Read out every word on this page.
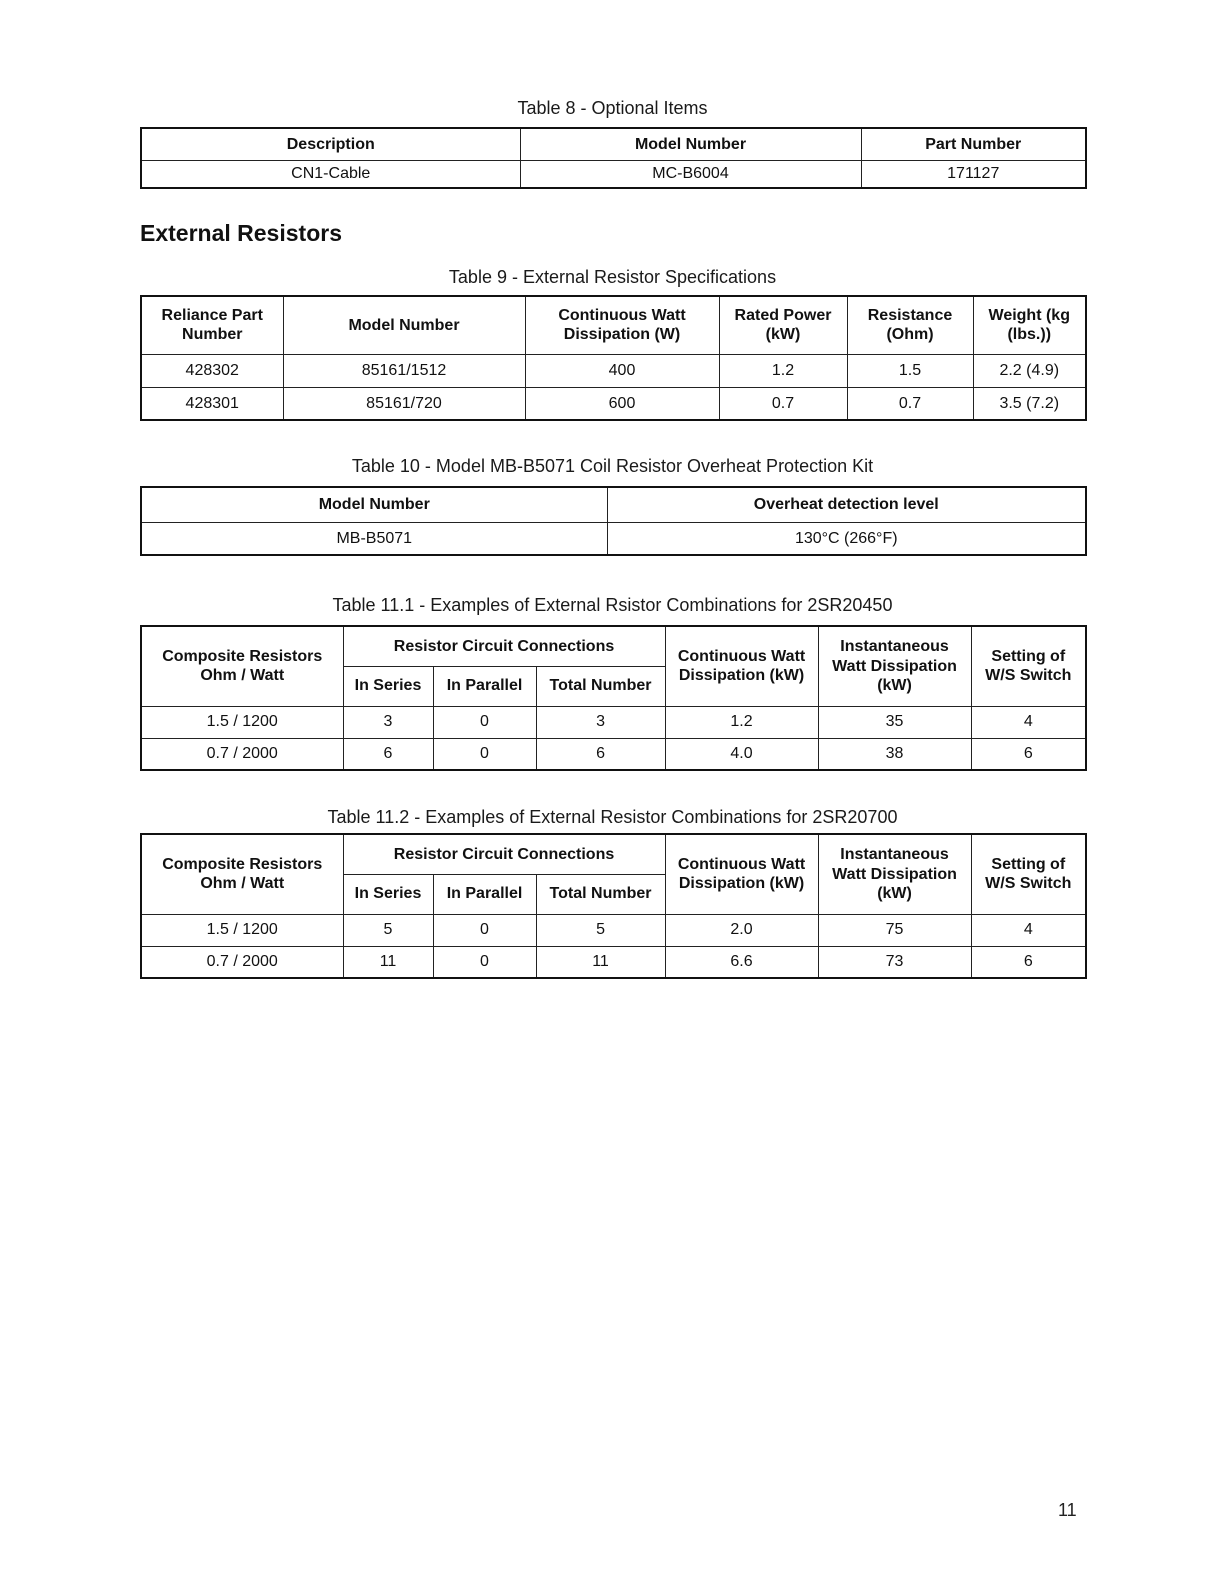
Table 8 - Optional Items
Description	Model Number	Part Number
CN1-Cable	MC-B6004	171127
External Resistors
Table 9 - External Resistor Specifications
Reliance Part Number	Model Number	Continuous Watt Dissipation (W)	Rated Power (kW)	Resistance (Ohm)	Weight (kg (lbs.))
428302	85161/1512	400	1.2	1.5	2.2 (4.9)
428301	85161/720	600	0.7	0.7	3.5 (7.2)
Table 10 - Model MB-B5071 Coil Resistor Overheat Protection Kit
Model Number	Overheat detection level
MB-B5071	130°C (266°F)
Table 11.1 - Examples of External Rsistor Combinations for 2SR20450
Composite Resistors Ohm / Watt	Resistor Circuit Connections			Continuous Watt Dissipation (kW)	Instantaneous Watt Dissipation (kW)	Setting of W/S Switch
	In Series	In Parallel	Total Number			
1.5 / 1200	3	0	3	1.2	35	4
0.7 / 2000	6	0	6	4.0	38	6
Table 11.2 - Examples of External Resistor Combinations for 2SR20700
Composite Resistors Ohm / Watt	Resistor Circuit Connections			Continuous Watt Dissipation (kW)	Instantaneous Watt Dissipation (kW)	Setting of W/S Switch
	In Series	In Parallel	Total Number			
1.5 / 1200	5	0	5	2.0	75	4
0.7 / 2000	11	0	11	6.6	73	6
11
